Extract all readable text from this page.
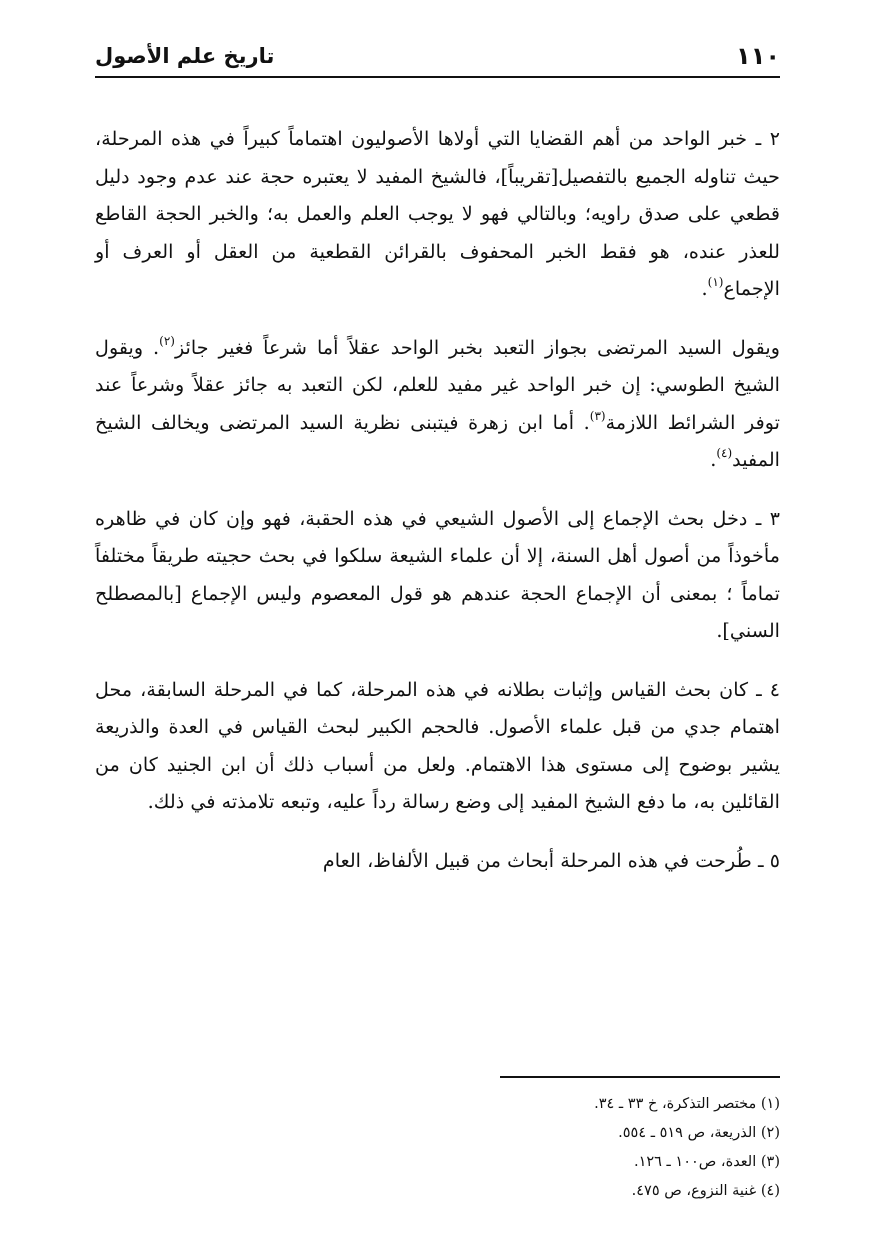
١١٠
تاريخ علم الأصول

٢ ـ خبر الواحد من أهم القضايا التي أولاها الأصوليون اهتماماً كبيراً في هذه المرحلة، حيث تناوله الجميع بالتفصيل[تقريباً]، فالشيخ المفيد لا يعتبره حجة عند عدم وجود دليل قطعي على صدق راويه؛ وبالتالي فهو لا يوجب العلم والعمل به؛ والخبر الحجة القاطع للعذر عنده، هو فقط الخبر المحفوف بالقرائن القطعية من العقل أو العرف أو الإجماع$^{(١)}$.

ويقول السيد المرتضى بجواز التعبد بخبر الواحد عقلاً أما شرعاً فغير جائز$^{(٢)}$. ويقول الشيخ الطوسي: إن خبر الواحد غير مفيد للعلم، لكن التعبد به جائز عقلاً وشرعاً عند توفر الشرائط اللازمة$^{(٣)}$. أما ابن زهرة فيتبنى نظرية السيد المرتضى ويخالف الشيخ المفيد$^{(٤)}$.

٣ ـ دخل بحث الإجماع إلى الأصول الشيعي في هذه الحقبة، فهو وإن كان في ظاهره مأخوذاً من أصول أهل السنة، إلا أن علماء الشيعة سلكوا في بحث حجيته طريقاً مختلفاً تماماً ؛ بمعنى أن الإجماع الحجة عندهم هو قول المعصوم وليس الإجماع [بالمصطلح السني].

٤ ـ كان بحث القياس وإثبات بطلانه في هذه المرحلة، كما في المرحلة السابقة، محل اهتمام جدي من قبل علماء الأصول. فالحجم الكبير لبحث القياس في العدة والذريعة يشير بوضوح إلى مستوى هذا الاهتمام. ولعل من أسباب ذلك أن ابن الجنيد كان من القائلين به، ما دفع الشيخ المفيد إلى وضع رسالة رداً عليه، وتبعه تلامذته في ذلك.

٥ ـ طُرحت في هذه المرحلة أبحاث من قبيل الألفاظ، العام

(١) مختصر التذكرة، خ ٣٣ ـ ٣٤.
(٢) الذريعة، ص ٥١٩ ـ ٥٥٤.
(٣) العدة، ص١٠٠ ـ ١٢٦.
(٤) غنية النزوع، ص ٤٧٥.
